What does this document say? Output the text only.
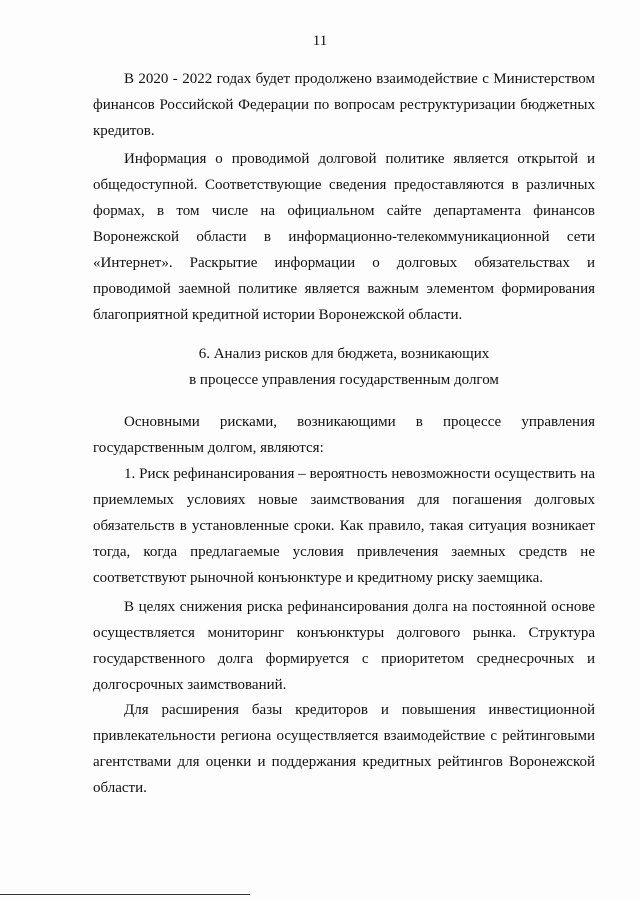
11

В 2020 - 2022 годах будет продолжено взаимодействие с Министерством финансов Российской Федерации по вопросам реструктуризации бюджетных кредитов.

Информация о проводимой долговой политике является открытой и общедоступной. Соответствующие сведения предоставляются в различных формах, в том числе на официальном сайте департамента финансов Воронежской области в информационно-телекоммуникационной сети «Интернет». Раскрытие информации о долговых обязательствах и проводимой заемной политике является важным элементом формирования благоприятной кредитной истории Воронежской области.

6. Анализ рисков для бюджета, возникающих
в процессе управления государственным долгом

Основными рисками, возникающими в процессе управления государственным долгом, являются:

1. Риск рефинансирования – вероятность невозможности осуществить на приемлемых условиях новые заимствования для погашения долговых обязательств в установленные сроки. Как правило, такая ситуация возникает тогда, когда предлагаемые условия привлечения заемных средств не соответствуют рыночной конъюнктуре и кредитному риску заемщика.

В целях снижения риска рефинансирования долга на постоянной основе осуществляется мониторинг конъюнктуры долгового рынка. Структура государственного долга формируется с приоритетом среднесрочных и долгосрочных заимствований.

Для расширения базы кредиторов и повышения инвестиционной привлекательности региона осуществляется взаимодействие с рейтинговыми агентствами для оценки и поддержания кредитных рейтингов Воронежской области.
